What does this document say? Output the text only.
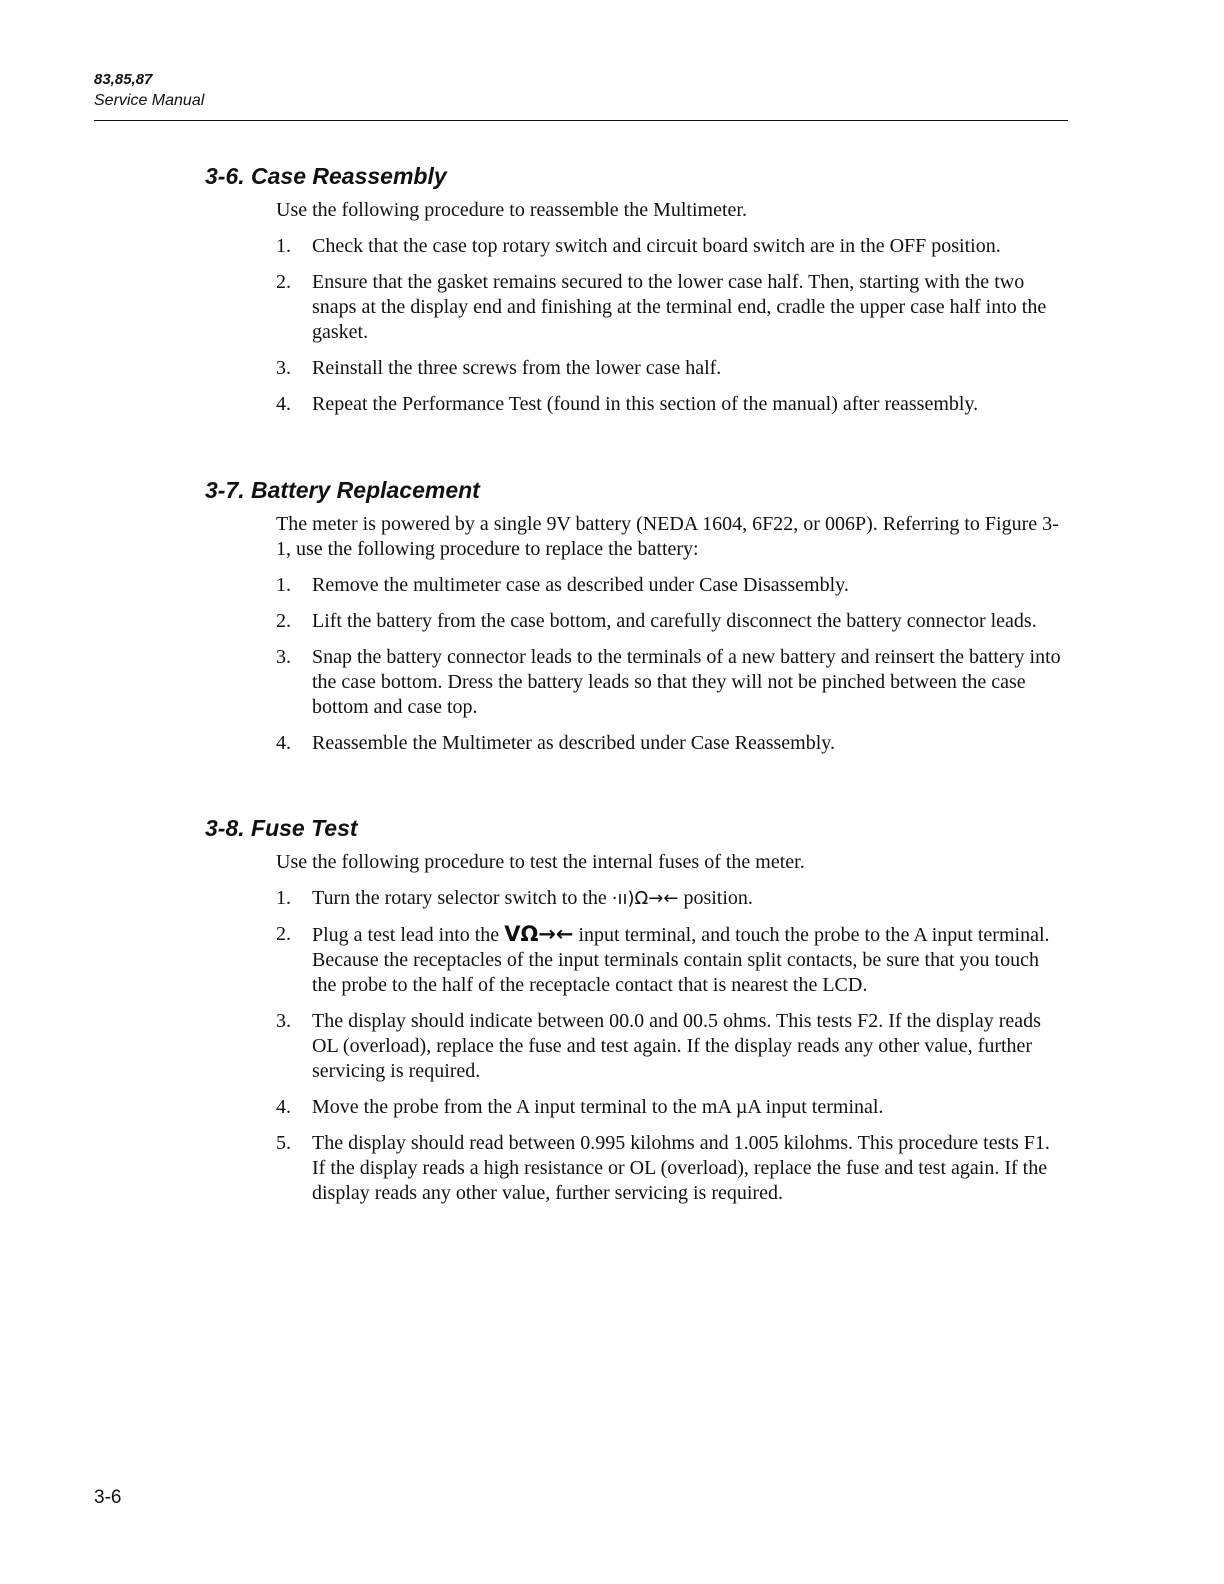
83,85,87
Service Manual
3-6. Case Reassembly

Use the following procedure to reassemble the Multimeter.

1. Check that the case top rotary switch and circuit board switch are in the OFF position.
2. Ensure that the gasket remains secured to the lower case half. Then, starting with the two snaps at the display end and finishing at the terminal end, cradle the upper case half into the gasket.
3. Reinstall the three screws from the lower case half.
4. Repeat the Performance Test (found in this section of the manual) after reassembly.
3-7. Battery Replacement

The meter is powered by a single 9V battery (NEDA 1604, 6F22, or 006P). Referring to Figure 3-1, use the following procedure to replace the battery:

1. Remove the multimeter case as described under Case Disassembly.
2. Lift the battery from the case bottom, and carefully disconnect the battery connector leads.
3. Snap the battery connector leads to the terminals of a new battery and reinsert the battery into the case bottom. Dress the battery leads so that they will not be pinched between the case bottom and case top.
4. Reassemble the Multimeter as described under Case Reassembly.
3-8. Fuse Test

Use the following procedure to test the internal fuses of the meter.

1. Turn the rotary selector switch to the ·ıı)Ω→← position.
2. Plug a test lead into the VΩ→← input terminal, and touch the probe to the A input terminal. Because the receptacles of the input terminals contain split contacts, be sure that you touch the probe to the half of the receptacle contact that is nearest the LCD.
3. The display should indicate between 00.0 and 00.5 ohms. This tests F2. If the display reads OL (overload), replace the fuse and test again. If the display reads any other value, further servicing is required.
4. Move the probe from the A input terminal to the mA µA input terminal.
5. The display should read between 0.995 kilohms and 1.005 kilohms. This procedure tests F1. If the display reads a high resistance or OL (overload), replace the fuse and test again. If the display reads any other value, further servicing is required.
3-6
